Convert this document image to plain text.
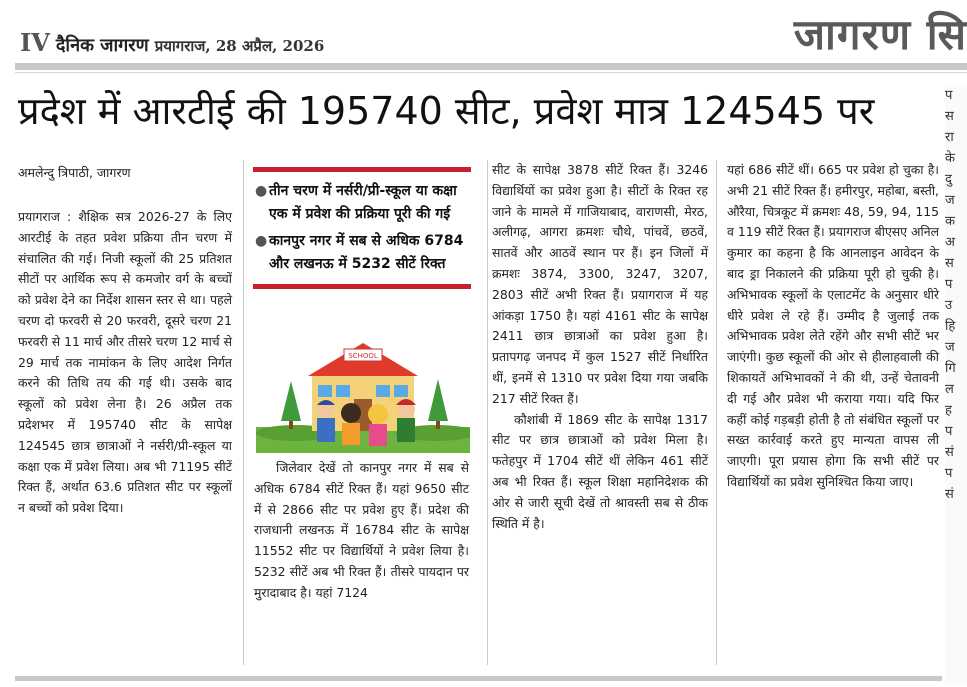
IV दैनिक जागरण प्रयागराज, 28 अप्रैल, 2026	जागरण सि
प्रदेश में आरटीई की 195740 सीट, प्रवेश मात्र 124545 पर
अमलेन्दु त्रिपाठी, जागरण
प्रयागराज : शैक्षिक सत्र 2026-27 के लिए आरटीई के तहत प्रवेश प्रक्रिया तीन चरण में संचालित की गई। निजी स्कूलों की 25 प्रतिशत सीटों पर आर्थिक रूप से कमजोर वर्ग के बच्चों को प्रवेश देने का निर्देश शासन स्तर से था। पहले चरण दो फरवरी से 20 फरवरी, दूसरे चरण 21 फरवरी से 11 मार्च और तीसरे चरण 12 मार्च से 29 मार्च तक नामांकन के लिए आदेश निर्गत करने की तिथि तय की गई थी। उसके बाद स्कूलों को प्रवेश लेना है। 26 अप्रैल तक प्रदेशभर में 195740 सीट के सापेक्ष 124545 छात्र छात्राओं ने नर्सरी/प्री-स्कूल या कक्षा एक में प्रवेश लिया। अब भी 71195 सीटें रिक्त हैं, अर्थात 63.6 प्रतिशत सीट पर स्कूलों न बच्चों को प्रवेश दिया।
● तीन चरण में नर्सरी/प्री-स्कूल या कक्षा एक में प्रवेश की प्रक्रिया पूरी की गई
● कानपुर नगर में सब से अधिक 6784 और लखनऊ में 5232 सीटें रिक्त
SCHOOL
जिलेवार देखें तो कानपुर नगर में सब से अधिक 6784 सीटें रिक्त हैं। यहां 9650 सीट में से 2866 सीट पर प्रवेश हुए हैं। प्रदेश की राजधानी लखनऊ में 16784 सीट के सापेक्ष 11552 सीट पर विद्यार्थियों ने प्रवेश लिया है। 5232 सीटें अब भी रिक्त हैं। तीसरे पायदान पर मुरादाबाद है। यहां 7124
सीट के सापेक्ष 3878 सीटें रिक्त हैं। 3246 विद्यार्थियों का प्रवेश हुआ है। सीटों के रिक्त रह जाने के मामले में गाजियाबाद, वाराणसी, मेरठ, अलीगढ़, आगरा क्रमशः चौथे, पांचवें, छठवें, सातवें और आठवें स्थान पर हैं। इन जिलों में क्रमशः 3874, 3300, 3247, 3207, 2803 सीटें अभी रिक्त हैं। प्रयागराज में यह आंकड़ा 1750 है। यहां 4161 सीट के सापेक्ष 2411 छात्र छात्राओं का प्रवेश हुआ है। प्रतापगढ़ जनपद में कुल 1527 सीटें निर्धारित थीं, इनमें से 1310 पर प्रवेश दिया गया जबकि 217 सीटें रिक्त हैं।
कौशांबी में 1869 सीट के सापेक्ष 1317 सीट पर छात्र छात्राओं को प्रवेश मिला है। फतेहपुर में 1704 सीटें थीं लेकिन 461 सीटें अब भी रिक्त हैं। स्कूल शिक्षा महानिदेशक की ओर से जारी सूची देखें तो श्रावस्ती सब से ठीक स्थिति में है।
यहां 686 सीटें थीं। 665 पर प्रवेश हो चुका है। अभी 21 सीटें रिक्त हैं। हमीरपुर, महोबा, बस्ती, औरैया, चित्रकूट में क्रमशः 48, 59, 94, 115 व 119 सीटें रिक्त हैं। प्रयागराज बीएसए अनिल कुमार का कहना है कि आनलाइन आवेदन के बाद ड्रा निकालने की प्रक्रिया पूरी हो चुकी है। अभिभावक स्कूलों के एलाटमेंट के अनुसार धीरे धीरे प्रवेश ले रहे हैं। उम्मीद है जुलाई तक अभिभावक प्रवेश लेते रहेंगे और सभी सीटें भर जाएंगी। कुछ स्कूलों की ओर से हीलाहवाली की शिकायतें अभिभावकों ने की थी, उन्हें चेतावनी दी गई और प्रवेश भी कराया गया। यदि फिर कहीं कोई गड़बड़ी होती है तो संबंधित स्कूलों पर सख्त कार्रवाई करते हुए मान्यता वापस ली जाएगी। पूरा प्रयास होगा कि सभी सीटें पर विद्यार्थियों का प्रवेश सुनिश्चित किया जाए।
प
स
रा
के
दु
ज
क
अ
स
प
उ
हि
ज
गि
ल
ह
प
सं
प
सं
